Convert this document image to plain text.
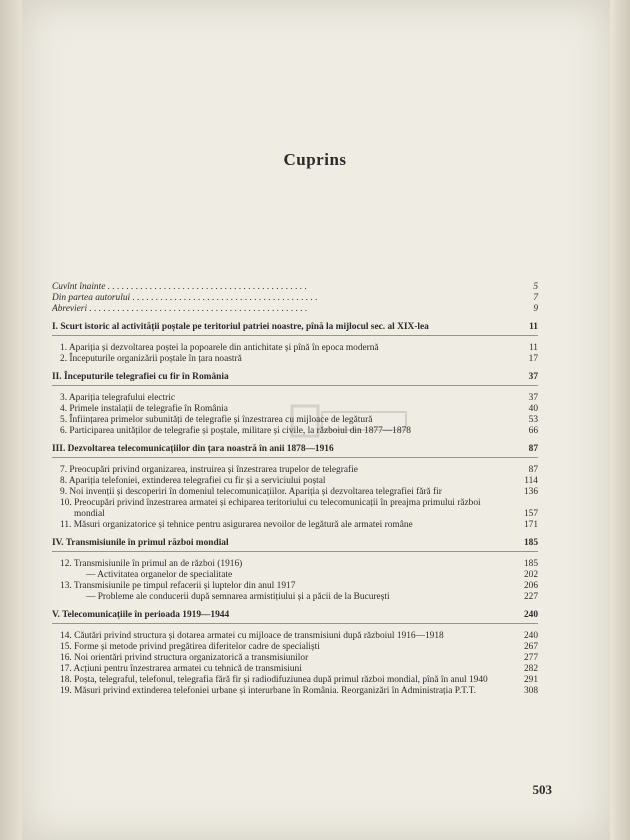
Cuprins
Cuvînt înainte . . . . . . . . . . . . . . . . . . . . . . . . . . . . . . . . . . . . . . . . . . .	5
Din partea autorului . . . . . . . . . . . . . . . . . . . . . . . . . . . . . . . . . . . . . . . .	7
Abrevieri . . . . . . . . . . . . . . . . . . . . . . . . . . . . . . . . . . . . . . . . . . . . . . .	9
I. Scurt istoric al activității poștale pe teritoriul patriei noastre, pînă la mijlocul sec. al XIX-lea	11
1. Apariția și dezvoltarea poștei la popoarele din antichitate și pînă în epoca modernă	11
2. Începuturile organizării poștale în țara noastră	17
II. Începuturile telegrafiei cu fir în România	37
3. Apariția telegrafului electric	37
4. Primele instalații de telegrafie în România	40
5. Înființarea primelor subunități de telegrafie și înzestrarea cu mijloace de legătură	53
6. Participarea unităților de telegrafie și poștale, militare și civile, la războiul din 1877—1878	66
III. Dezvoltarea telecomunicațiilor din țara noastră în anii 1878—1916	87
7. Preocupări privind organizarea, instruirea și înzestrarea trupelor de telegrafie	87
8. Apariția telefoniei, extinderea telegrafiei cu fir și a serviciului poștal	114
9. Noi invenții și descoperiri în domeniul telecomunicațiilor. Apariția și dezvoltarea telegrafiei fără fir	136
10. Preocupări privind înzestrarea armatei și echiparea teritoriului cu telecomunicații în preajma primului război mondial	157
11. Măsuri organizatorice și tehnice pentru asigurarea nevoilor de legătură ale armatei române	171
IV. Transmisiunile în primul război mondial	185
12. Transmisiunile în primul an de război (1916)	185
— Activitatea organelor de specialitate	202
13. Transmisiunile pe timpul refacerii și luptelor din anul 1917	206
— Probleme ale conducerii după semnarea armistițiului și a păcii de la București	227
V. Telecomunicațiile în perioada 1919—1944	240
14. Căutări privind structura și dotarea armatei cu mijloace de transmisiuni după războiul 1916—1918	240
15. Forme și metode privind pregătirea diferitelor cadre de specialiști	267
16. Noi orientări privind structura organizatorică a transmisiunilor	277
17. Acțiuni pentru înzestrarea armatei cu tehnică de transmisiuni	282
18. Poșta, telegraful, telefonul, telegrafia fără fir și radiodifuziunea după primul război mondial, pînă în anul 1940	291
19. Măsuri privind extinderea telefoniei urbane și interurbane în România. Reorganizări în Administrația P.T.T.	308
503
